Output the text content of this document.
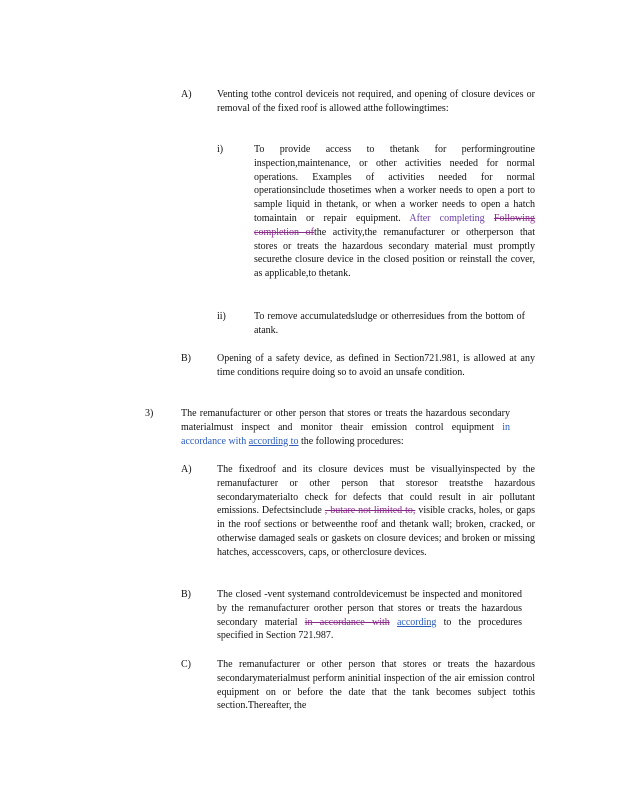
A)	Venting tothe control deviceis not required, and opening of closure devices or removal of the fixed roof is allowed atthe followingtimes:
i)	To provide access to thetank for performingroutine inspection,maintenance, or other activities needed for normal operations. Examples of activities needed for normal operationsinclude thosetimes when a worker needs to open a port to sample liquid in thetank, or when a worker needs to open a hatch tomaintain or repair equipment. After completing Following completion ofthe activity,the remanufacturer or otherperson that stores or treats the hazardous secondary material must promptly securethe closure device in the closed position or reinstall the cover, as applicable,to thetank.
ii)	To remove accumulatedsludge or otherresidues from the bottom of atank.
B)	Opening of a safety device, as defined in Section721.981, is allowed at any time conditions require doing so to avoid an unsafe condition.
3)	The remanufacturer or other person that stores or treats the hazardous secondary materialmust inspect and monitor theair emission control equipment in accordance with according to the following procedures:
A)	The fixedroof and its closure devices must be visuallyinspected by the remanufacturer or other person that storesor treatsthe hazardous secondarymaterialto check for defects that could result in air pollutant emissions. Defectsinclude , butare not limited to, visible cracks, holes, or gaps in the roof sections or betweenthe roof and thetank wall; broken, cracked, or otherwise damaged seals or gaskets on closure devices; and broken or missing hatches, accesscovers, caps, or otherclosure devices.
B)	The closed -vent systemand controldevicemust be inspected and monitored by the remanufacturer orother person that stores or treats the hazardous secondary material in accordance with according to the procedures specified in Section 721.987.
C)	The remanufacturer or other person that stores or treats the hazardous secondarymaterialmust perform aninitial inspection of the air emission control equipment on or before the date that the tank becomes subject tothis section.Thereafter, the
